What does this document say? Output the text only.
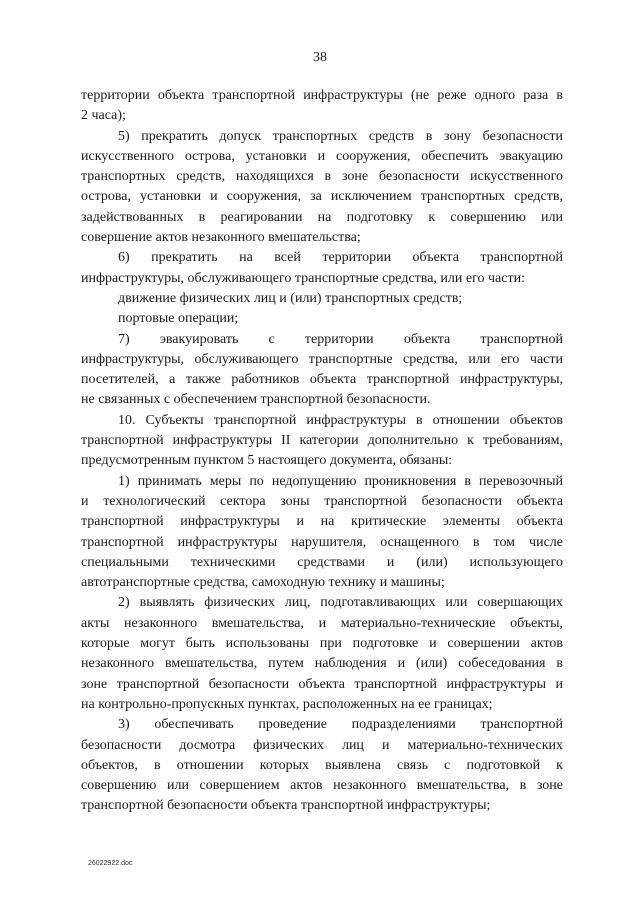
38
территории объекта транспортной инфраструктуры (не реже одного раза в
2 часа);
5) прекратить допуск транспортных средств в зону безопасности
искусственного острова, установки и сооружения, обеспечить эвакуацию
транспортных средств, находящихся в зоне безопасности искусственного
острова, установки и сооружения, за исключением транспортных средств,
задействованных в реагировании на подготовку к совершению или
совершение актов незаконного вмешательства;
6) прекратить на всей территории объекта транспортной
инфраструктуры, обслуживающего транспортные средства, или его части:
движение физических лиц и (или) транспортных средств;
портовые операции;
7) эвакуировать с территории объекта транспортной
инфраструктуры, обслуживающего транспортные средства, или его части
посетителей, а также работников объекта транспортной инфраструктуры,
не связанных с обеспечением транспортной безопасности.
10. Субъекты транспортной инфраструктуры в отношении объектов
транспортной инфраструктуры II категории дополнительно к требованиям,
предусмотренным пунктом 5 настоящего документа, обязаны:
1) принимать меры по недопущению проникновения в перевозочный
и технологический сектора зоны транспортной безопасности объекта
транспортной инфраструктуры и на критические элементы объекта
транспортной инфраструктуры нарушителя, оснащенного в том числе
специальными техническими средствами и (или) использующего
автотранспортные средства, самоходную технику и машины;
2) выявлять физических лиц, подготавливающих или совершающих
акты незаконного вмешательства, и материально-технические объекты,
которые могут быть использованы при подготовке и совершении актов
незаконного вмешательства, путем наблюдения и (или) собеседования в
зоне транспортной безопасности объекта транспортной инфраструктуры и
на контрольно-пропускных пунктах, расположенных на ее границах;
3) обеспечивать проведение подразделениями транспортной
безопасности досмотра физических лиц и материально-технических
объектов, в отношении которых выявлена связь с подготовкой к
совершению или совершением актов незаконного вмешательства, в зоне
транспортной безопасности объекта транспортной инфраструктуры;
26022922.doc
